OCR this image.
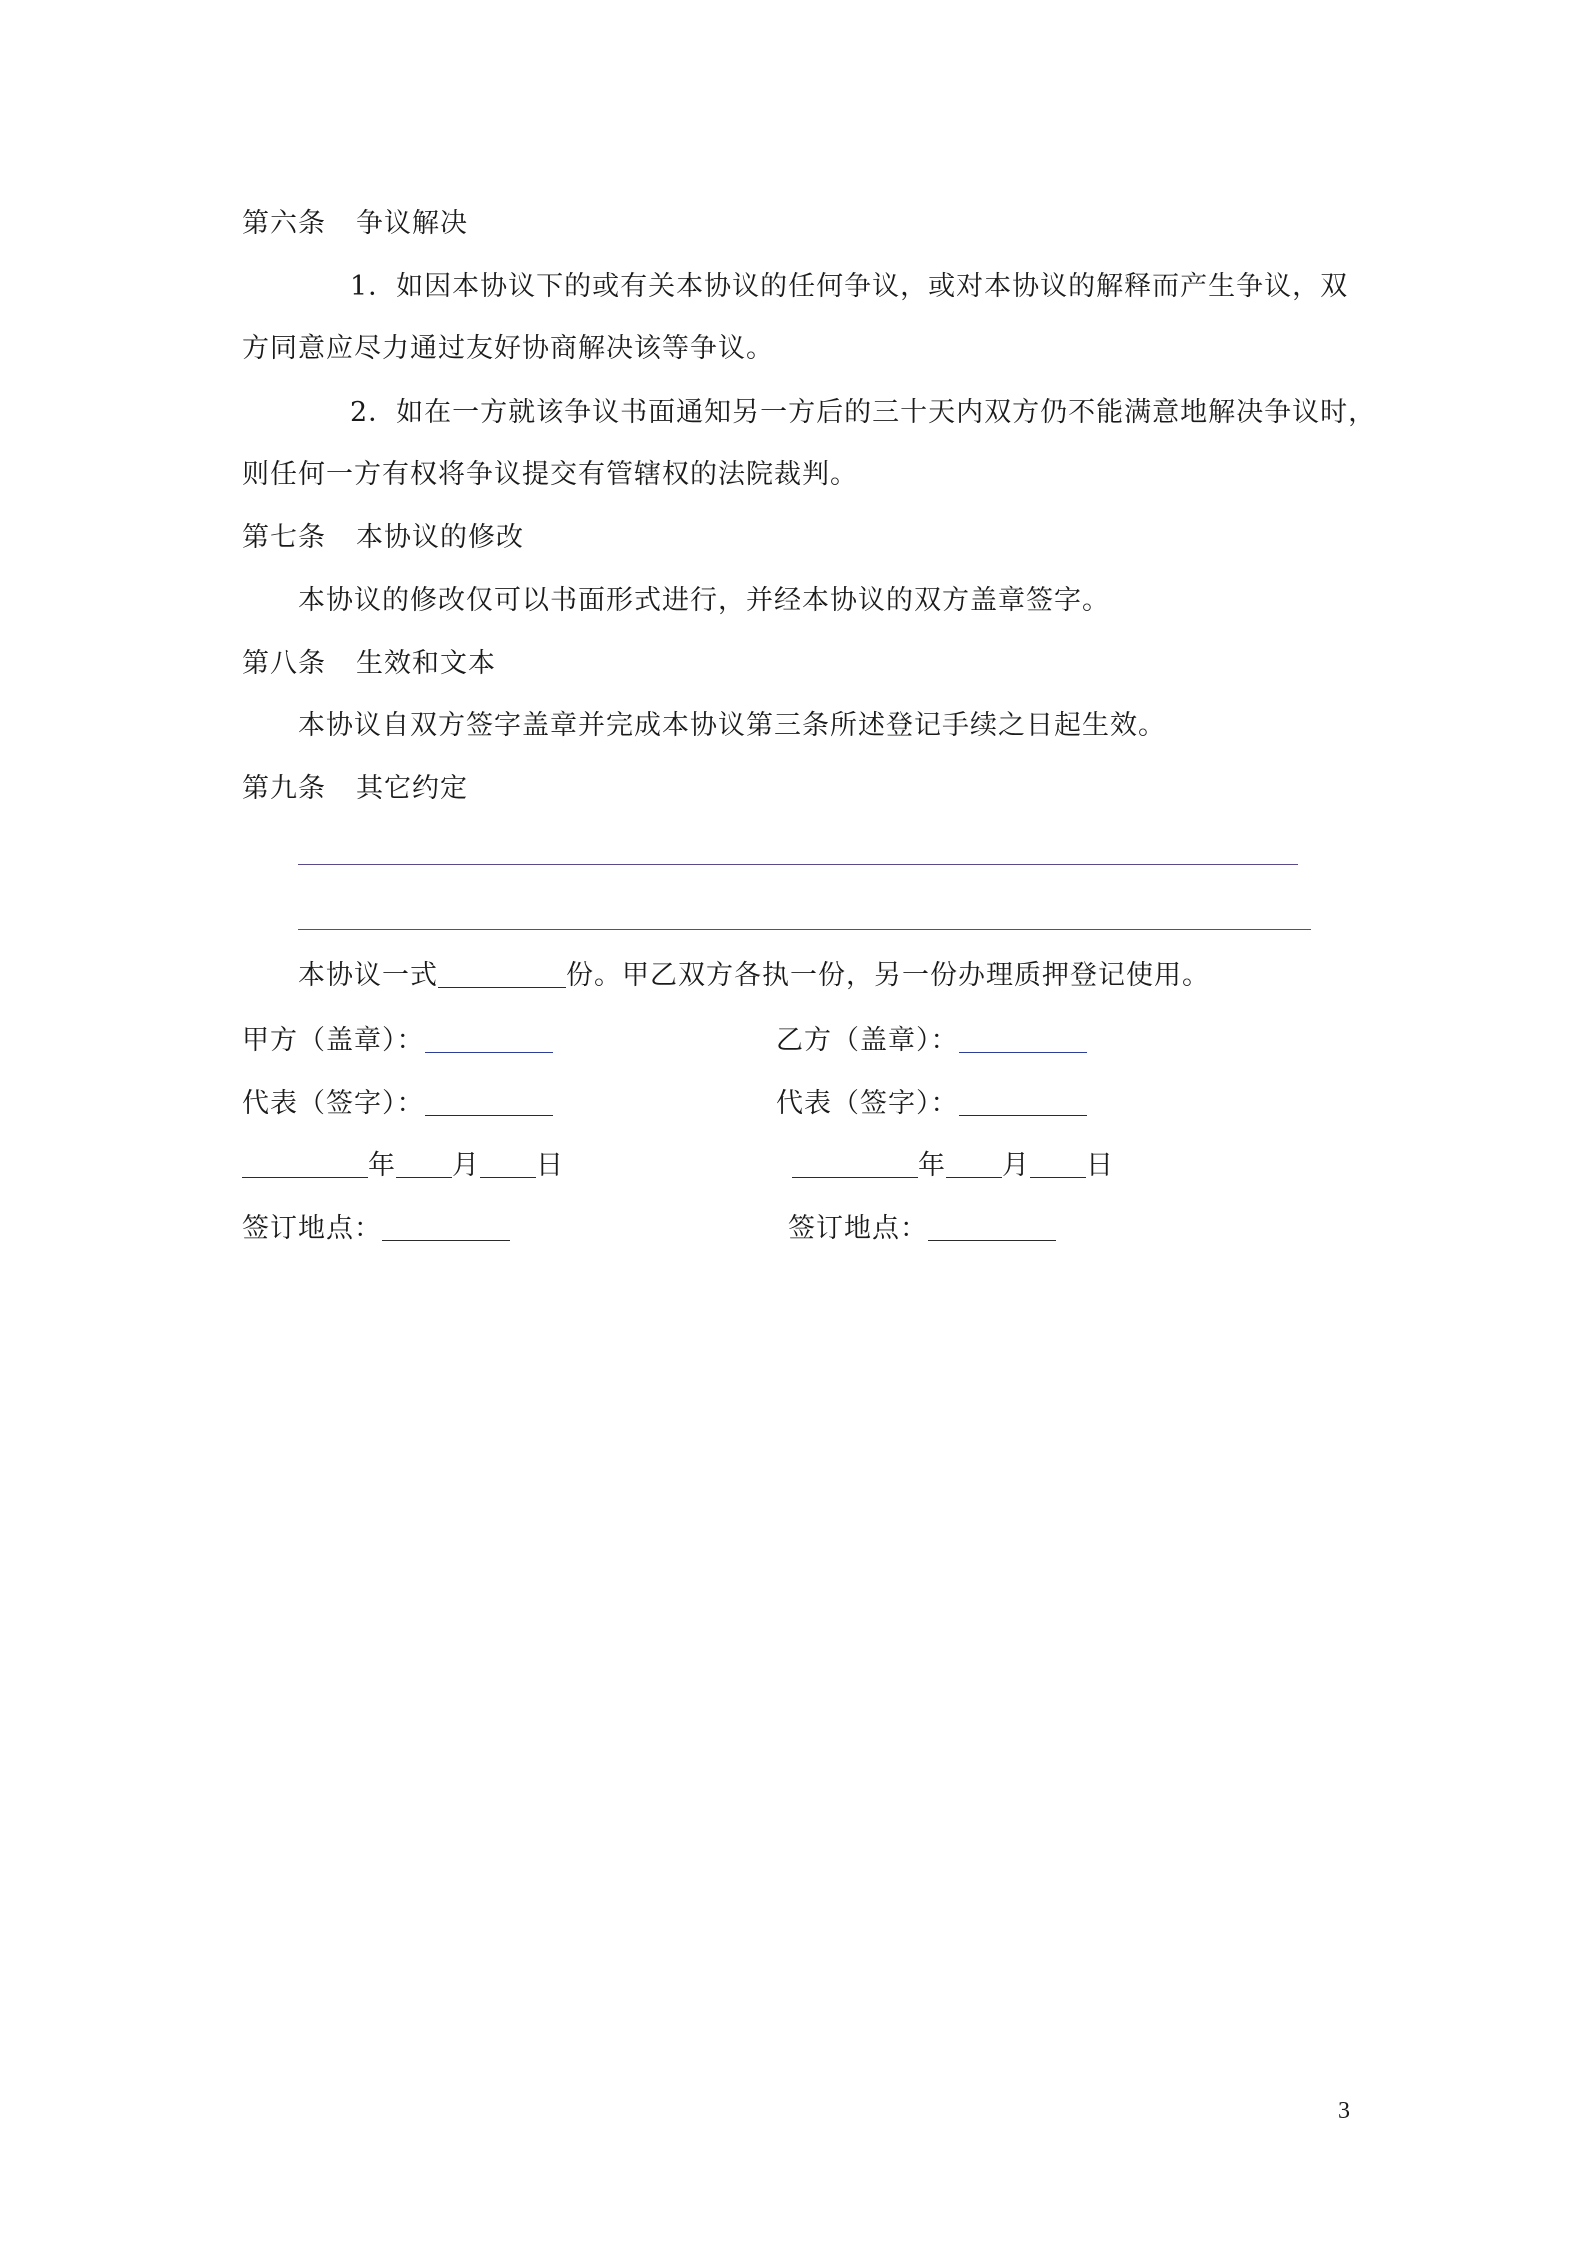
第六条 争议解决
1．如因本协议下的或有关本协议的任何争议，或对本协议的解释而产生争议，双
方同意应尽力通过友好协商解决该等争议。
2．如在一方就该争议书面通知另一方后的三十天内双方仍不能满意地解决争议时，
则任何一方有权将争议提交有管辖权的法院裁判。
第七条 本协议的修改
本协议的修改仅可以书面形式进行，并经本协议的双方盖章签字。
第八条 生效和文本
本协议自双方签字盖章并完成本协议第三条所述登记手续之日起生效。
第九条 其它约定
本协议一式	份。甲乙双方各执一份，另一份办理质押登记使用。
甲方（盖章）：
代表（签字）：
年 月 日
签订地点：
乙方（盖章）：
代表（签字）：
年 月 日
签订地点：
3
